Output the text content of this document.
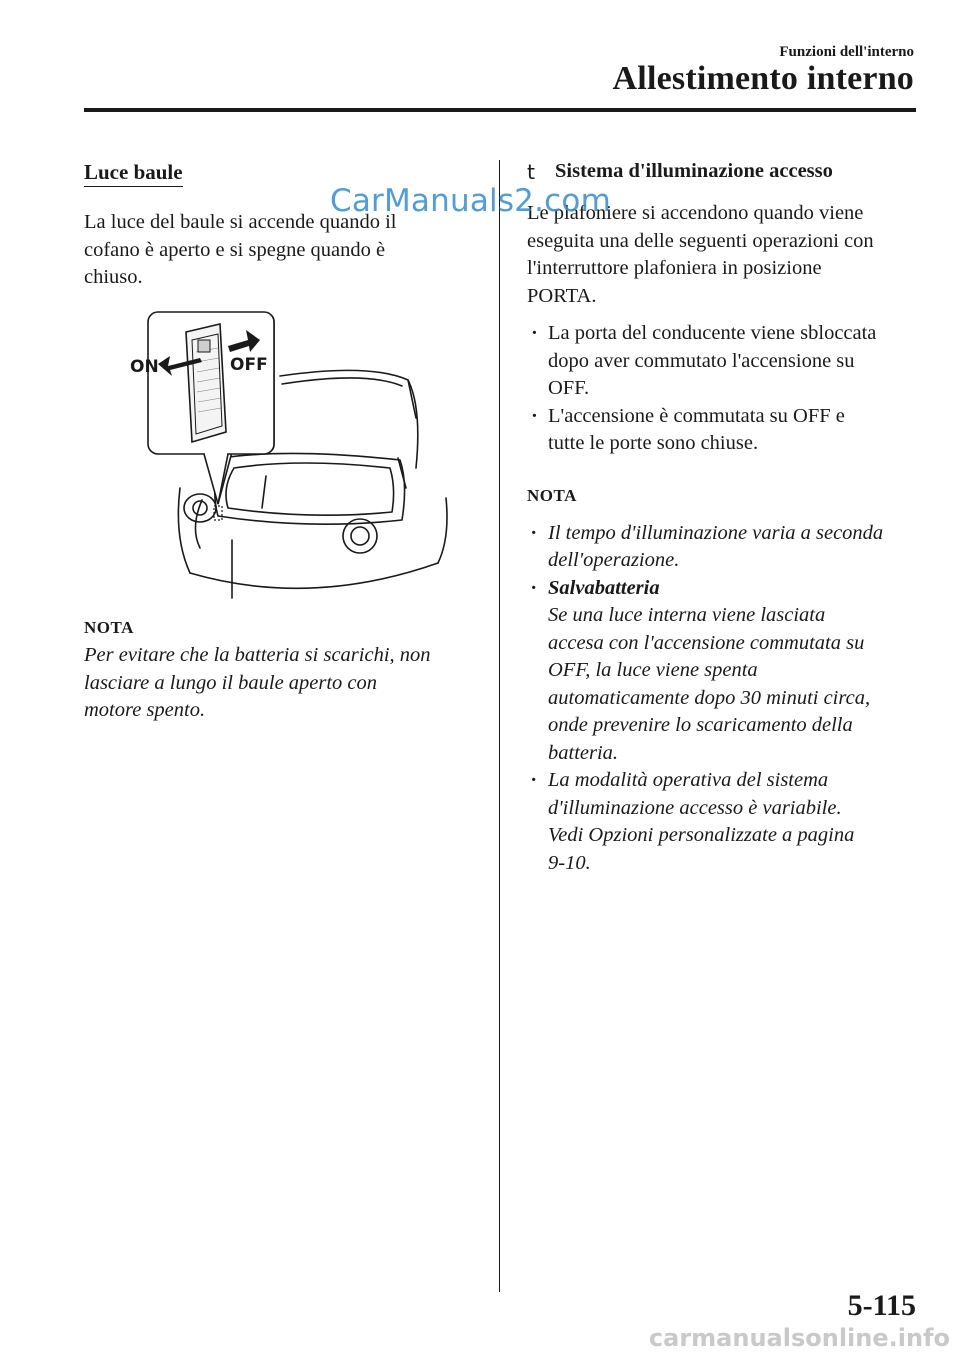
Funzioni dell'interno
Allestimento interno
Luce baule

La luce del baule si accende quando il

cofano è aperto e si spegne quando è

chiuso.

ON	OFF

NOTA

Per evitare che la batteria si scarichi, non

lasciare a lungo il baule aperto con

motore spento.

t Sistema d'illuminazione accesso

Le plafoniere si accendono quando viene

eseguita una delle seguenti operazioni con

l'interruttore plafoniera in posizione

PORTA.

· La porta del conducente viene sbloccata
dopo aver commutato l'accensione su
OFF.
· L'accensione è commutata su OFF e
tutte le porte sono chiuse.

NOTA

· Il tempo d'illuminazione varia a seconda
dell'operazione.
· Salvabatteria
Se una luce interna viene lasciata
accesa con l'accensione commutata su
OFF, la luce viene spenta
automaticamente dopo 30 minuti circa,
onde prevenire lo scaricamento della
batteria.
· La modalità operativa del sistema
d'illuminazione accesso è variabile.
Vedi Opzioni personalizzate a pagina
9-10.
5-115
CarManuals2.com
carmanualsonline.info
